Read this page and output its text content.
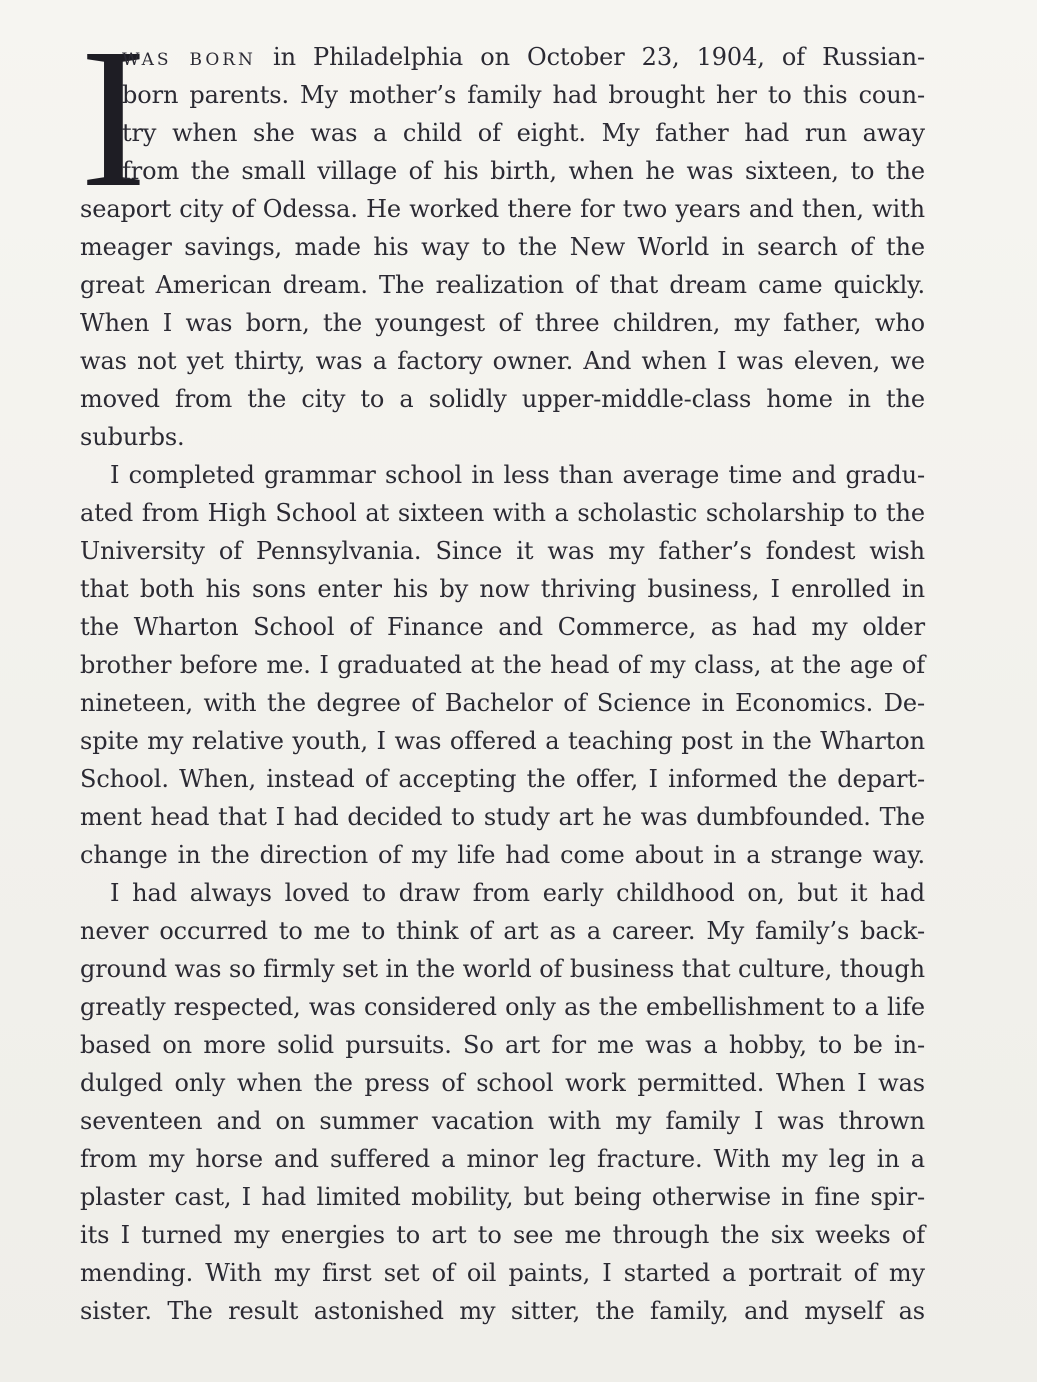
I
WAS BORN in Philadelphia on October 23, 1904, of Russian-
born parents. My mother’s family had brought her to this coun-
try when she was a child of eight. My father had run away
from the small village of his birth, when he was sixteen, to the
seaport city of Odessa. He worked there for two years and then, with
meager savings, made his way to the New World in search of the
great American dream. The realization of that dream came quickly.
When I was born, the youngest of three children, my father, who
was not yet thirty, was a factory owner. And when I was eleven, we
moved from the city to a solidly upper-middle-class home in the
suburbs.
I completed grammar school in less than average time and gradu-
ated from High School at sixteen with a scholastic scholarship to the
University of Pennsylvania. Since it was my father’s fondest wish
that both his sons enter his by now thriving business, I enrolled in
the Wharton School of Finance and Commerce, as had my older
brother before me. I graduated at the head of my class, at the age of
nineteen, with the degree of Bachelor of Science in Economics. De-
spite my relative youth, I was offered a teaching post in the Wharton
School. When, instead of accepting the offer, I informed the depart-
ment head that I had decided to study art he was dumbfounded. The
change in the direction of my life had come about in a strange way.
I had always loved to draw from early childhood on, but it had
never occurred to me to think of art as a career. My family’s back-
ground was so firmly set in the world of business that culture, though
greatly respected, was considered only as the embellishment to a life
based on more solid pursuits. So art for me was a hobby, to be in-
dulged only when the press of school work permitted. When I was
seventeen and on summer vacation with my family I was thrown
from my horse and suffered a minor leg fracture. With my leg in a
plaster cast, I had limited mobility, but being otherwise in fine spir-
its I turned my energies to art to see me through the six weeks of
mending. With my first set of oil paints, I started a portrait of my
sister. The result astonished my sitter, the family, and myself as
